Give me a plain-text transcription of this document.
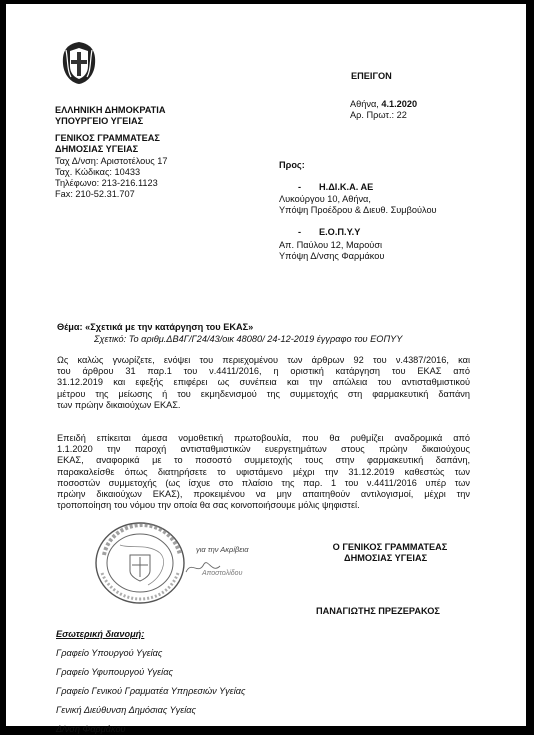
ΕΛΛΗΝΙΚΗ ΔΗΜΟΚΡΑΤΙΑ
ΥΠΟΥΡΓΕΙΟ ΥΓΕΙΑΣ
ΓΕΝΙΚΟΣ ΓΡΑΜΜΑΤΕΑΣ
ΔΗΜΟΣΙΑΣ ΥΓΕΙΑΣ
Ταχ Δ/νση: Αριστοτέλους 17
Ταχ. Κώδικας: 10433
Τηλέφωνο: 213-216.1123
Fax: 210-52.31.707
ΕΠΕΙΓΟΝ
Αθήνα, 4.1.2020
Αρ. Πρωτ.: 22
Προς:
- Η.ΔΙ.Κ.Α. ΑΕ
Λυκούργου 10, Αθήνα,
Υπόψη Προέδρου & Διευθ. Συμβούλου
- Ε.Ο.Π.Υ.Υ
Απ. Παύλου 12, Μαρούσι
Υπόψη Δ/νσης Φαρμάκου
Θέμα: «Σχετικά με την κατάργηση του ΕΚΑΣ»
Σχετικό: Το αριθμ.ΔΒ4Γ/Γ24/43/οικ 48080/ 24-12-2019 έγγραφο του ΕΟΠΥΥ
Ως καλώς γνωρίζετε, ενόψει του περιεχομένου των άρθρων 92 του ν.4387/2016, και
του άρθρου 31 παρ.1 του ν.4411/2016, η οριστική κατάργηση του ΕΚΑΣ από
31.12.2019 και εφεξής επιφέρει ως συνέπεια και την απώλεια του αντισταθμιστικού
μέτρου της μείωσης ή του εκμηδενισμού της συμμετοχής στη φαρμακευτική δαπάνη
των πρώην δικαιούχων ΕΚΑΣ.
Επειδή επίκειται άμεσα νομοθετική πρωτοβουλία, που θα ρυθμίζει αναδρομικά από
1.1.2020 την παροχή αντισταθμιστικών ευεργετημάτων στους πρώην δικαιούχους
ΕΚΑΣ, αναφορικά με το ποσοστό συμμετοχής τους στην φαρμακευτική δαπάνη,
παρακαλείσθε όπως διατηρήσετε το υφιστάμενο μέχρι την 31.12.2019 καθεστώς των
ποσοστών συμμετοχής (ως ίσχυε στο πλαίσιο της παρ. 1 του ν.4411/2016 υπέρ των
πρώην δικαιούχων ΕΚΑΣ), προκειμένου να μην απαιτηθούν αντιλογισμοί, μέχρι την
τροποποίηση του νόμου την οποία θα σας κοινοποιήσουμε μόλις ψηφιστεί.
για την Ακρίβεια
Αποστολίδου
Ο ΓΕΝΙΚΟΣ ΓΡΑΜΜΑΤΕΑΣ
ΔΗΜΟΣΙΑΣ ΥΓΕΙΑΣ
ΠΑΝΑΓΙΩΤΗΣ ΠΡΕΖΕΡΑΚΟΣ
Εσωτερική διανομή:
Γραφείο Υπουργού Υγείας
Γραφείο Υφυπουργού Υγείας
Γραφείο Γενικού Γραμματέα Υπηρεσιών Υγείας
Γενική Διεύθυνση Δημόσιας Υγείας
Δ/νση Φαρμάκου
